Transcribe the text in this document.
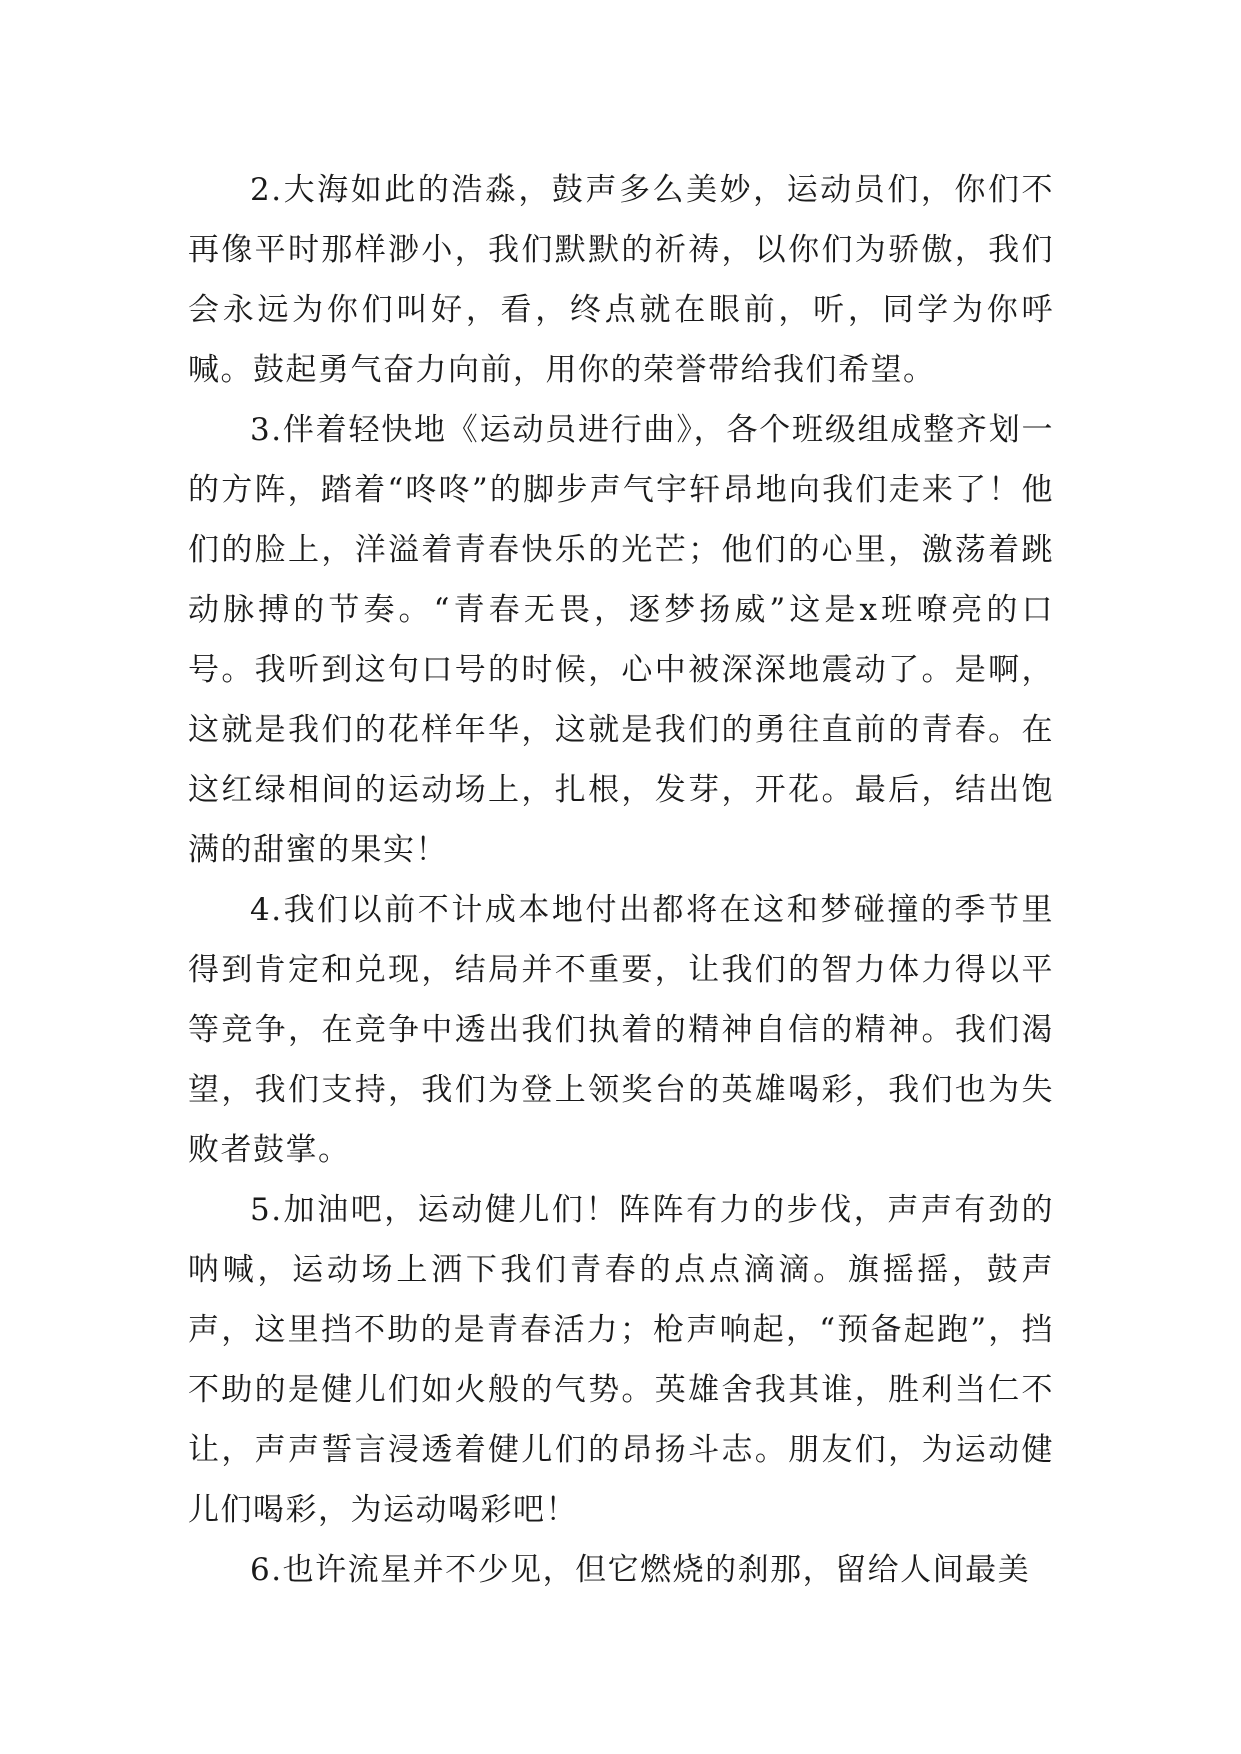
2.大海如此的浩淼，鼓声多么美妙，运动员们，你们不再像平时那样渺小，我们默默的祈祷，以你们为骄傲，我们会永远为你们叫好，看，终点就在眼前，听，同学为你呼喊。鼓起勇气奋力向前，用你的荣誉带给我们希望。

3.伴着轻快地《运动员进行曲》，各个班级组成整齐划一的方阵，踏着“咚咚”的脚步声气宇轩昂地向我们走来了！他们的脸上，洋溢着青春快乐的光芒；他们的心里，激荡着跳动脉搏的节奏。“青春无畏，逐梦扬威”这是x班嘹亮的口号。我听到这句口号的时候，心中被深深地震动了。是啊，这就是我们的花样年华，这就是我们的勇往直前的青春。在这红绿相间的运动场上，扎根，发芽，开花。最后，结出饱满的甜蜜的果实！

4.我们以前不计成本地付出都将在这和梦碰撞的季节里得到肯定和兑现，结局并不重要，让我们的智力体力得以平等竞争，在竞争中透出我们执着的精神自信的精神。我们渴望，我们支持，我们为登上领奖台的英雄喝彩，我们也为失败者鼓掌。

5.加油吧，运动健儿们！阵阵有力的步伐，声声有劲的呐喊，运动场上洒下我们青春的点点滴滴。旗摇摇，鼓声声，这里挡不助的是青春活力；枪声响起，“预备起跑”，挡不助的是健儿们如火般的气势。英雄舍我其谁，胜利当仁不让，声声誓言浸透着健儿们的昂扬斗志。朋友们，为运动健儿们喝彩，为运动喝彩吧！

6.也许流星并不少见，但它燃烧的刹那，留给人间最美
